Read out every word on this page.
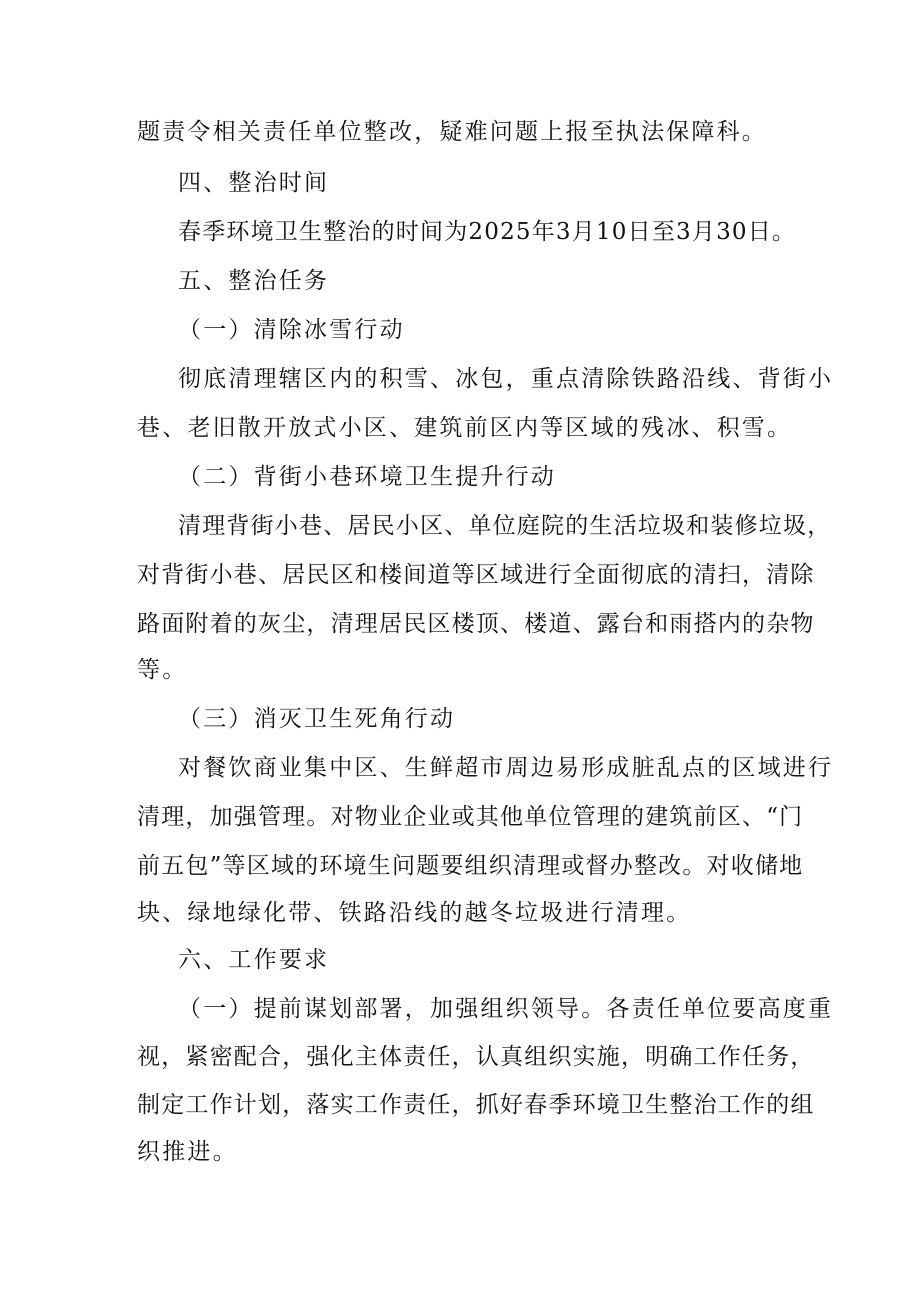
题责令相关责任单位整改，疑难问题上报至执法保障科。
四、整治时间
春季环境卫生整治的时间为2025年3月10日至3月30日。
五、整治任务
（一）清除冰雪行动
彻底清理辖区内的积雪、冰包，重点清除铁路沿线、背街小
巷、老旧散开放式小区、建筑前区内等区域的残冰、积雪。
（二）背街小巷环境卫生提升行动
清理背街小巷、居民小区、单位庭院的生活垃圾和装修垃圾，
对背街小巷、居民区和楼间道等区域进行全面彻底的清扫，清除
路面附着的灰尘，清理居民区楼顶、楼道、露台和雨搭内的杂物
等。
（三）消灭卫生死角行动
对餐饮商业集中区、生鲜超市周边易形成脏乱点的区域进行
清理，加强管理。对物业企业或其他单位管理的建筑前区、“门
前五包”等区域的环境生问题要组织清理或督办整改。对收储地
块、绿地绿化带、铁路沿线的越冬垃圾进行清理。
六、工作要求
（一）提前谋划部署，加强组织领导。各责任单位要高度重
视，紧密配合，强化主体责任，认真组织实施，明确工作任务，
制定工作计划，落实工作责任，抓好春季环境卫生整治工作的组
织推进。
